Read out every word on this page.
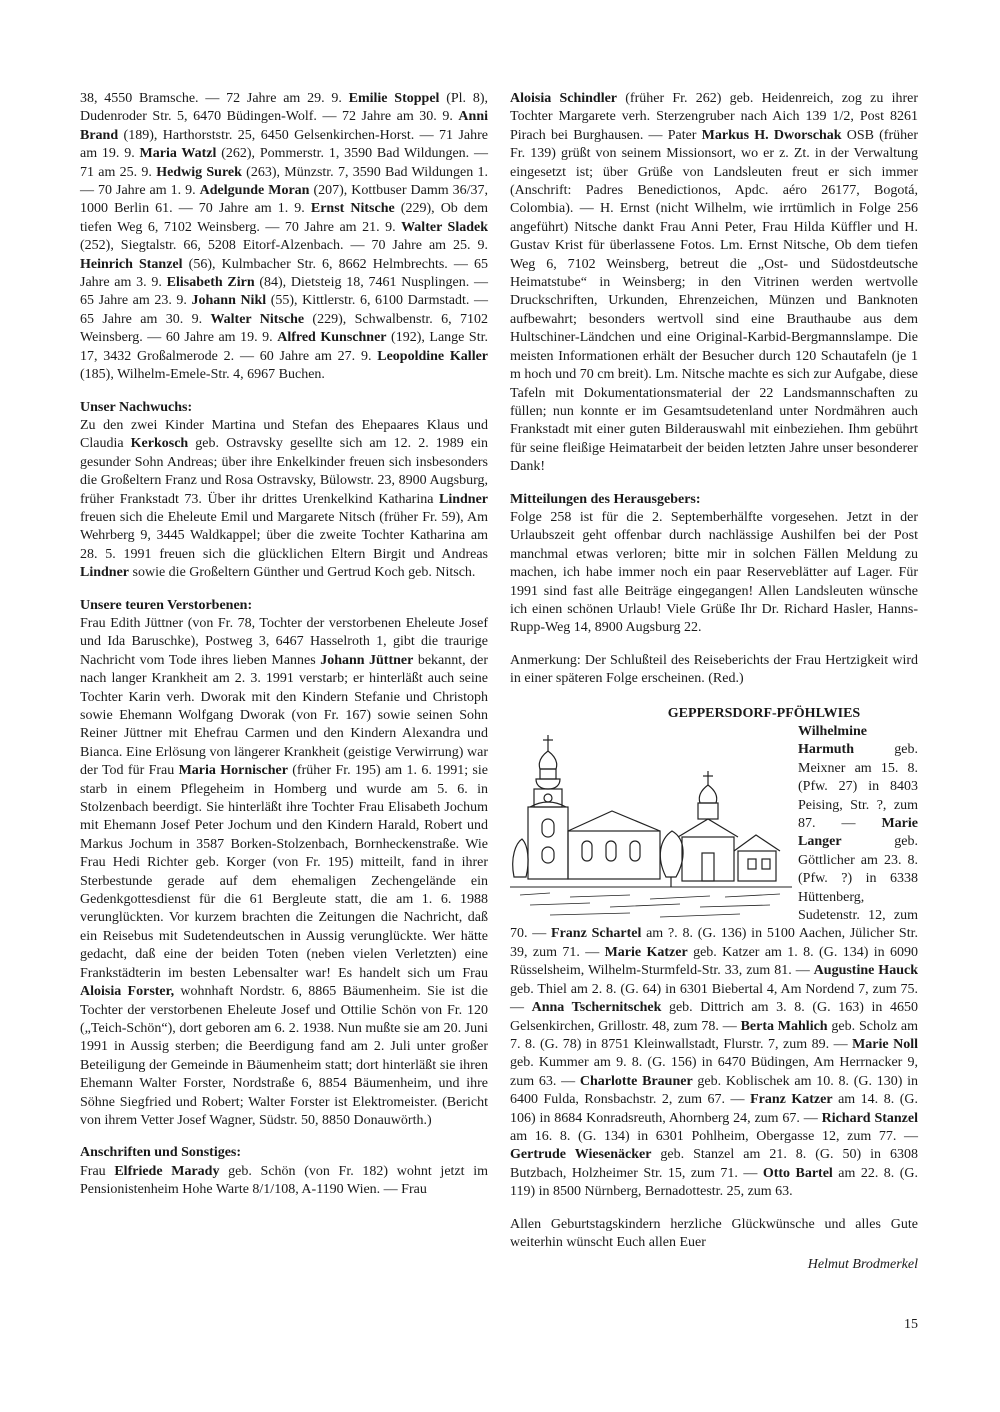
38, 4550 Bramsche. — 72 Jahre am 29. 9. Emilie Stoppel (Pl. 8), Dudenroder Str. 5, 6470 Büdingen-Wolf. — 72 Jahre am 30. 9. Anni Brand (189), Harthorststr. 25, 6450 Gelsenkirchen-Horst. — 71 Jahre am 19. 9. Maria Watzl (262), Pommerstr. 1, 3590 Bad Wildungen. — 71 am 25. 9. Hedwig Surek (263), Münzstr. 7, 3590 Bad Wildungen 1. — 70 Jahre am 1. 9. Adelgunde Moran (207), Kottbuser Damm 36/37, 1000 Berlin 61. — 70 Jahre am 1. 9. Ernst Nitsche (229), Ob dem tiefen Weg 6, 7102 Weinsberg. — 70 Jahre am 21. 9. Walter Sladek (252), Siegtalstr. 66, 5208 Eitorf-Alzenbach. — 70 Jahre am 25. 9. Heinrich Stanzel (56), Kulmbacher Str. 6, 8662 Helmbrechts. — 65 Jahre am 3. 9. Elisabeth Zirn (84), Dietsteig 18, 7461 Nusplingen. — 65 Jahre am 23. 9. Johann Nikl (55), Kittlerstr. 6, 6100 Darmstadt. — 65 Jahre am 30. 9. Walter Nitsche (229), Schwalbenstr. 6, 7102 Weinsberg. — 60 Jahre am 19. 9. Alfred Kunschner (192), Lange Str. 17, 3432 Großalmerode 2. — 60 Jahre am 27. 9. Leopoldine Kaller (185), Wilhelm-Emele-Str. 4, 6967 Buchen.

Unser Nachwuchs:

Zu den zwei Kinder Martina und Stefan des Ehepaares Klaus und Claudia Kerkosch geb. Ostravsky gesellte sich am 12. 2. 1989 ein gesunder Sohn Andreas; über ihre Enkelkinder freuen sich insbesonders die Großeltern Franz und Rosa Ostravsky, Bülowstr. 23, 8900 Augsburg, früher Frankstadt 73. Über ihr drittes Urenkelkind Katharina Lindner freuen sich die Eheleute Emil und Margarete Nitsch (früher Fr. 59), Am Wehrberg 9, 3445 Waldkappel; über die zweite Tochter Katharina am 28. 5. 1991 freuen sich die glücklichen Eltern Birgit und Andreas Lindner sowie die Großeltern Günther und Gertrud Koch geb. Nitsch.

Unsere teuren Verstorbenen:

Frau Edith Jüttner (von Fr. 78, Tochter der verstorbenen Eheleute Josef und Ida Baruschke), Postweg 3, 6467 Hasselroth 1, gibt die traurige Nachricht vom Tode ihres lieben Mannes Johann Jüttner bekannt, der nach langer Krankheit am 2. 3. 1991 verstarb; er hinterläßt auch seine Tochter Karin verh. Dworak mit den Kindern Stefanie und Christoph sowie Ehemann Wolfgang Dworak (von Fr. 167) sowie seinen Sohn Reiner Jüttner mit Ehefrau Carmen und den Kindern Alexandra und Bianca. Eine Erlösung von längerer Krankheit (geistige Verwirrung) war der Tod für Frau Maria Hornischer (früher Fr. 195) am 1. 6. 1991; sie starb in einem Pflegeheim in Homberg und wurde am 5. 6. in Stolzenbach beerdigt. Sie hinterläßt ihre Tochter Frau Elisabeth Jochum mit Ehemann Josef Peter Jochum und den Kindern Harald, Robert und Markus Jochum in 3587 Borken-Stolzenbach, Bornheckenstraße. Wie Frau Hedi Richter geb. Korger (von Fr. 195) mitteilt, fand in ihrer Sterbestunde gerade auf dem ehemaligen Zechengelände ein Gedenkgottesdienst für die 61 Bergleute statt, die am 1. 6. 1988 verunglückten. Vor kurzem brachten die Zeitungen die Nachricht, daß ein Reisebus mit Sudetendeutschen in Aussig verunglückte. Wer hätte gedacht, daß eine der beiden Toten (neben vielen Verletzten) eine Frankstädterin im besten Lebensalter war! Es handelt sich um Frau Aloisia Forster, wohnhaft Nordstr. 6, 8865 Bäumenheim. Sie ist die Tochter der verstorbenen Eheleute Josef und Ottilie Schön von Fr. 120 („Teich-Schön“), dort geboren am 6. 2. 1938. Nun mußte sie am 20. Juni 1991 in Aussig sterben; die Beerdigung fand am 2. Juli unter großer Beteiligung der Gemeinde in Bäumenheim statt; dort hinterläßt sie ihren Ehemann Walter Forster, Nordstraße 6, 8854 Bäumenheim, und ihre Söhne Siegfried und Robert; Walter Forster ist Elektromeister. (Bericht von ihrem Vetter Josef Wagner, Südstr. 50, 8850 Donauwörth.)

Anschriften und Sonstiges:

Frau Elfriede Marady geb. Schön (von Fr. 182) wohnt jetzt im Pensionistenheim Hohe Warte 8/1/108, A-1190 Wien. — Frau

Aloisia Schindler (früher Fr. 262) geb. Heidenreich, zog zu ihrer Tochter Margarete verh. Sterzengruber nach Aich 139 1/2, Post 8261 Pirach bei Burghausen. — Pater Markus H. Dworschak OSB (früher Fr. 139) grüßt von seinem Missionsort, wo er z. Zt. in der Verwaltung eingesetzt ist; über Grüße von Landsleuten freut er sich immer (Anschrift: Padres Benedictionos, Apdc. aéro 26177, Bogotá, Colombia). — H. Ernst (nicht Wilhelm, wie irrtümlich in Folge 256 angeführt) Nitsche dankt Frau Anni Peter, Frau Hilda Küffler und H. Gustav Krist für überlassene Fotos. Lm. Ernst Nitsche, Ob dem tiefen Weg 6, 7102 Weinsberg, betreut die „Ost- und Südostdeutsche Heimatstube“ in Weinsberg; in den Vitrinen werden wertvolle Druckschriften, Urkunden, Ehrenzeichen, Münzen und Banknoten aufbewahrt; besonders wertvoll sind eine Brauthaube aus dem Hultschiner-Ländchen und eine Original-Karbid-Bergmannslampe. Die meisten Informationen erhält der Besucher durch 120 Schautafeln (je 1 m hoch und 70 cm breit). Lm. Nitsche machte es sich zur Aufgabe, diese Tafeln mit Dokumentationsmaterial der 22 Landsmannschaften zu füllen; nun konnte er im Gesamtsudetenland unter Nordmähren auch Frankstadt mit einer guten Bilderauswahl mit einbeziehen. Ihm gebührt für seine fleißige Heimatarbeit der beiden letzten Jahre unser besonderer Dank!

Mitteilungen des Herausgebers:

Folge 258 ist für die 2. Septemberhälfte vorgesehen. Jetzt in der Urlaubszeit geht offenbar durch nachlässige Aushilfen bei der Post manchmal etwas verloren; bitte mir in solchen Fällen Meldung zu machen, ich habe immer noch ein paar Reserveblätter auf Lager. Für 1991 sind fast alle Beiträge eingegangen! Allen Landsleuten wünsche ich einen schönen Urlaub! Viele Grüße Ihr Dr. Richard Hasler, Hanns-Rupp-Weg 14, 8900 Augsburg 22.

Anmerkung: Der Schlußteil des Reiseberichts der Frau Hertzigkeit wird in einer späteren Folge erscheinen. (Red.)

GEPPERSDORF-PFÖHLWIES

Wilhelmine Harmuth geb. Meixner am 15. 8. (Pfw. 27) in 8403 Peising, Str. ?, zum 87. — Marie Langer geb. Göttlicher am 23. 8. (Pfw. ?) in 6338 Hüttenberg, Sudetenstr. 12, zum 70. — Franz Schartel am ?. 8. (G. 136) in 5100 Aachen, Jülicher Str. 39, zum 71. — Marie Katzer geb. Katzer am 1. 8. (G. 134) in 6090 Rüsselsheim, Wilhelm-Sturmfeld-Str. 33, zum 81. — Augustine Hauck geb. Thiel am 2. 8. (G. 64) in 6301 Biebertal 4, Am Nordend 7, zum 75. — Anna Tschernitschek geb. Dittrich am 3. 8. (G. 163) in 4650 Gelsenkirchen, Grillostr. 48, zum 78. — Berta Mahlich geb. Scholz am 7. 8. (G. 78) in 8751 Kleinwallstadt, Flurstr. 7, zum 89. — Marie Noll geb. Kummer am 9. 8. (G. 156) in 6470 Büdingen, Am Herrnacker 9, zum 63. — Charlotte Brauner geb. Koblischek am 10. 8. (G. 130) in 6400 Fulda, Ronsbachstr. 2, zum 67. — Franz Katzer am 14. 8. (G. 106) in 8684 Konradsreuth, Ahornberg 24, zum 67. — Richard Stanzel am 16. 8. (G. 134) in 6301 Pohlheim, Obergasse 12, zum 77. — Gertrude Wiesenäcker geb. Stanzel am 21. 8. (G. 50) in 6308 Butzbach, Holzheimer Str. 15, zum 71. — Otto Bartel am 22. 8. (G. 119) in 8500 Nürnberg, Bernadottestr. 25, zum 63.

Allen Geburtstagskindern herzliche Glückwünsche und alles Gute weiterhin wünscht Euch allen Euer

Helmut Brodmerkel

15
